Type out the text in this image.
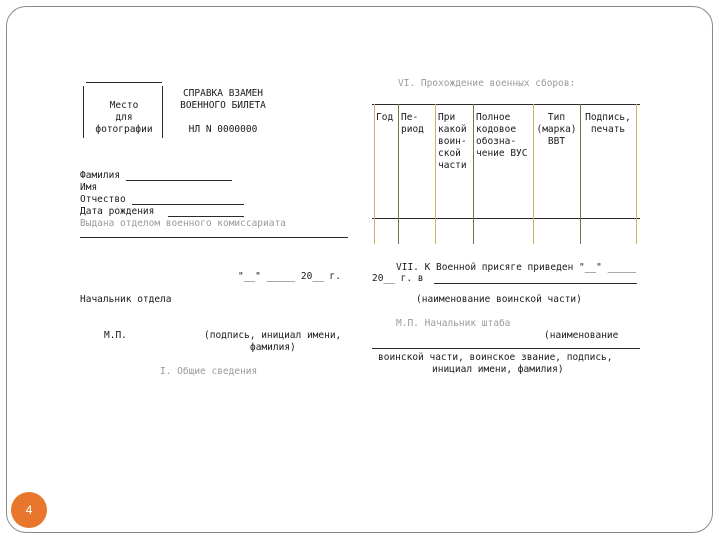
Место
для
фотографии
СПРАВКА ВЗАМЕН
ВОЕННОГО БИЛЕТА
НЛ N 0000000
Фамилия
Имя
Отчество
Дата рождения
Выдана отделом военного комиссариата
"__" _____ 20__ г.
Начальник отдела
М.П.	(подпись, инициал имени,
фамилия)
I. Общие сведения
VI. Прохождение военных сборов:
Год Пе-
риод
При
какой
воин-
ской
части
Полное
кодовое
обозна-
чение ВУС
Тип
(марка)
ВВТ
Подпись,
печать
VII. К Военной присяге приведен "__" _____
20__ г. в
(наименование воинской части)
М.П. Начальник штаба
(наименование
воинской части, воинское звание, подпись,
инициал имени, фамилия)
4
